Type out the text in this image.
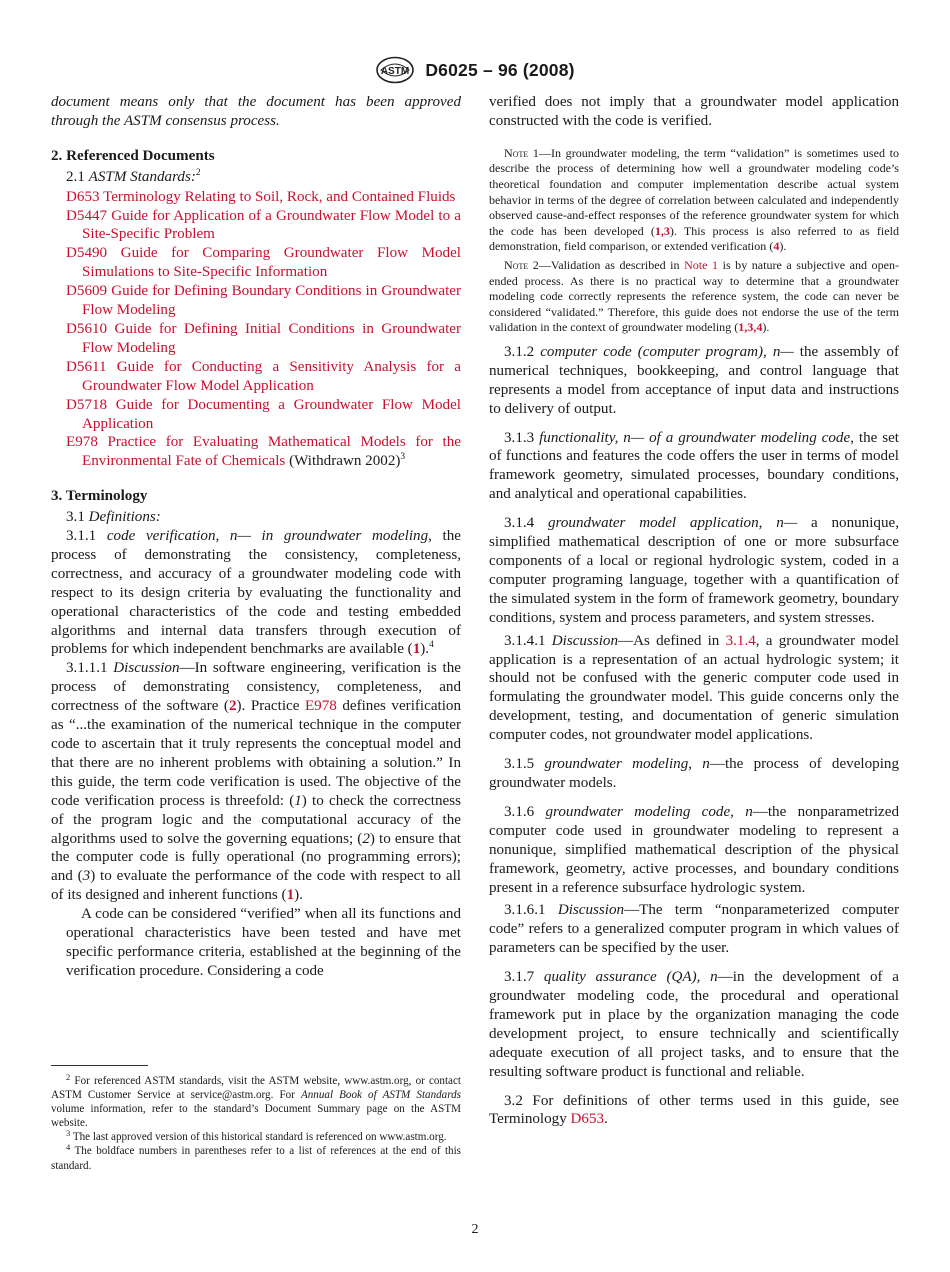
ASTM D6025 – 96 (2008)

document means only that the document has been approved through the ASTM consensus process.

2. Referenced Documents

2.1 ASTM Standards:$^2$

D653 Terminology Relating to Soil, Rock, and Contained Fluids

D5447 Guide for Application of a Groundwater Flow Model to a Site-Specific Problem

D5490 Guide for Comparing Groundwater Flow Model Simulations to Site-Specific Information

D5609 Guide for Defining Boundary Conditions in Groundwater Flow Modeling

D5610 Guide for Defining Initial Conditions in Groundwater Flow Modeling

D5611 Guide for Conducting a Sensitivity Analysis for a Groundwater Flow Model Application

D5718 Guide for Documenting a Groundwater Flow Model Application

E978 Practice for Evaluating Mathematical Models for the Environmental Fate of Chemicals (Withdrawn 2002)$^3$

3. Terminology

3.1 Definitions:

3.1.1 code verification, n— in groundwater modeling, the process of demonstrating the consistency, completeness, correctness, and accuracy of a groundwater modeling code with respect to its design criteria by evaluating the functionality and operational characteristics of the code and testing embedded algorithms and internal data transfers through execution of problems for which independent benchmarks are available (1).$^4$

3.1.1.1 Discussion—In software engineering, verification is the process of demonstrating consistency, completeness, and correctness of the software (2). Practice E978 defines verification as “...the examination of the numerical technique in the computer code to ascertain that it truly represents the conceptual model and that there are no inherent problems with obtaining a solution.” In this guide, the term code verification is used. The objective of the code verification process is threefold: (1) to check the correctness of the program logic and the computational accuracy of the algorithms used to solve the governing equations; (2) to ensure that the computer code is fully operational (no programming errors); and (3) to evaluate the performance of the code with respect to all of its designed and inherent functions (1).

A code can be considered “verified” when all its functions and operational characteristics have been tested and have met specific performance criteria, established at the beginning of the verification procedure. Considering a code

$^2$ For referenced ASTM standards, visit the ASTM website, www.astm.org, or contact ASTM Customer Service at service@astm.org. For Annual Book of ASTM Standards volume information, refer to the standard’s Document Summary page on the ASTM website.

$^3$ The last approved version of this historical standard is referenced on www.astm.org.

$^4$ The boldface numbers in parentheses refer to a list of references at the end of this standard.

verified does not imply that a groundwater model application constructed with the code is verified.

Note 1—In groundwater modeling, the term “validation” is sometimes used to describe the process of determining how well a groundwater modeling code’s theoretical foundation and computer implementation describe actual system behavior in terms of the degree of correlation between calculated and independently observed cause-and-effect responses of the reference groundwater system for which the code has been developed (1,3). This process is also referred to as field demonstration, field comparison, or extended verification (4).

Note 2—Validation as described in Note 1 is by nature a subjective and open-ended process. As there is no practical way to determine that a groundwater modeling code correctly represents the reference system, the code can never be considered “validated.” Therefore, this guide does not endorse the use of the term validation in the context of groundwater modeling (1,3,4).

3.1.2 computer code (computer program), n— the assembly of numerical techniques, bookkeeping, and control language that represents a model from acceptance of input data and instructions to delivery of output.

3.1.3 functionality, n— of a groundwater modeling code, the set of functions and features the code offers the user in terms of model framework geometry, simulated processes, boundary conditions, and analytical and operational capabilities.

3.1.4 groundwater model application, n— a nonunique, simplified mathematical description of one or more subsurface components of a local or regional hydrologic system, coded in a computer programing language, together with a quantification of the simulated system in the form of framework geometry, boundary conditions, system and process parameters, and system stresses.

3.1.4.1 Discussion—As defined in 3.1.4, a groundwater model application is a representation of an actual hydrologic system; it should not be confused with the generic computer code used in formulating the groundwater model. This guide concerns only the development, testing, and documentation of generic simulation computer codes, not groundwater model applications.

3.1.5 groundwater modeling, n—the process of developing groundwater models.

3.1.6 groundwater modeling code, n—the nonparametrized computer code used in groundwater modeling to represent a nonunique, simplified mathematical description of the physical framework, geometry, active processes, and boundary conditions present in a reference subsurface hydrologic system.

3.1.6.1 Discussion—The term “nonparameterized computer code” refers to a generalized computer program in which values of parameters can be specified by the user.

3.1.7 quality assurance (QA), n—in the development of a groundwater modeling code, the procedural and operational framework put in place by the organization managing the code development project, to ensure technically and scientifically adequate execution of all project tasks, and to ensure that the resulting software product is functional and reliable.

3.2 For definitions of other terms used in this guide, see Terminology D653.

2
